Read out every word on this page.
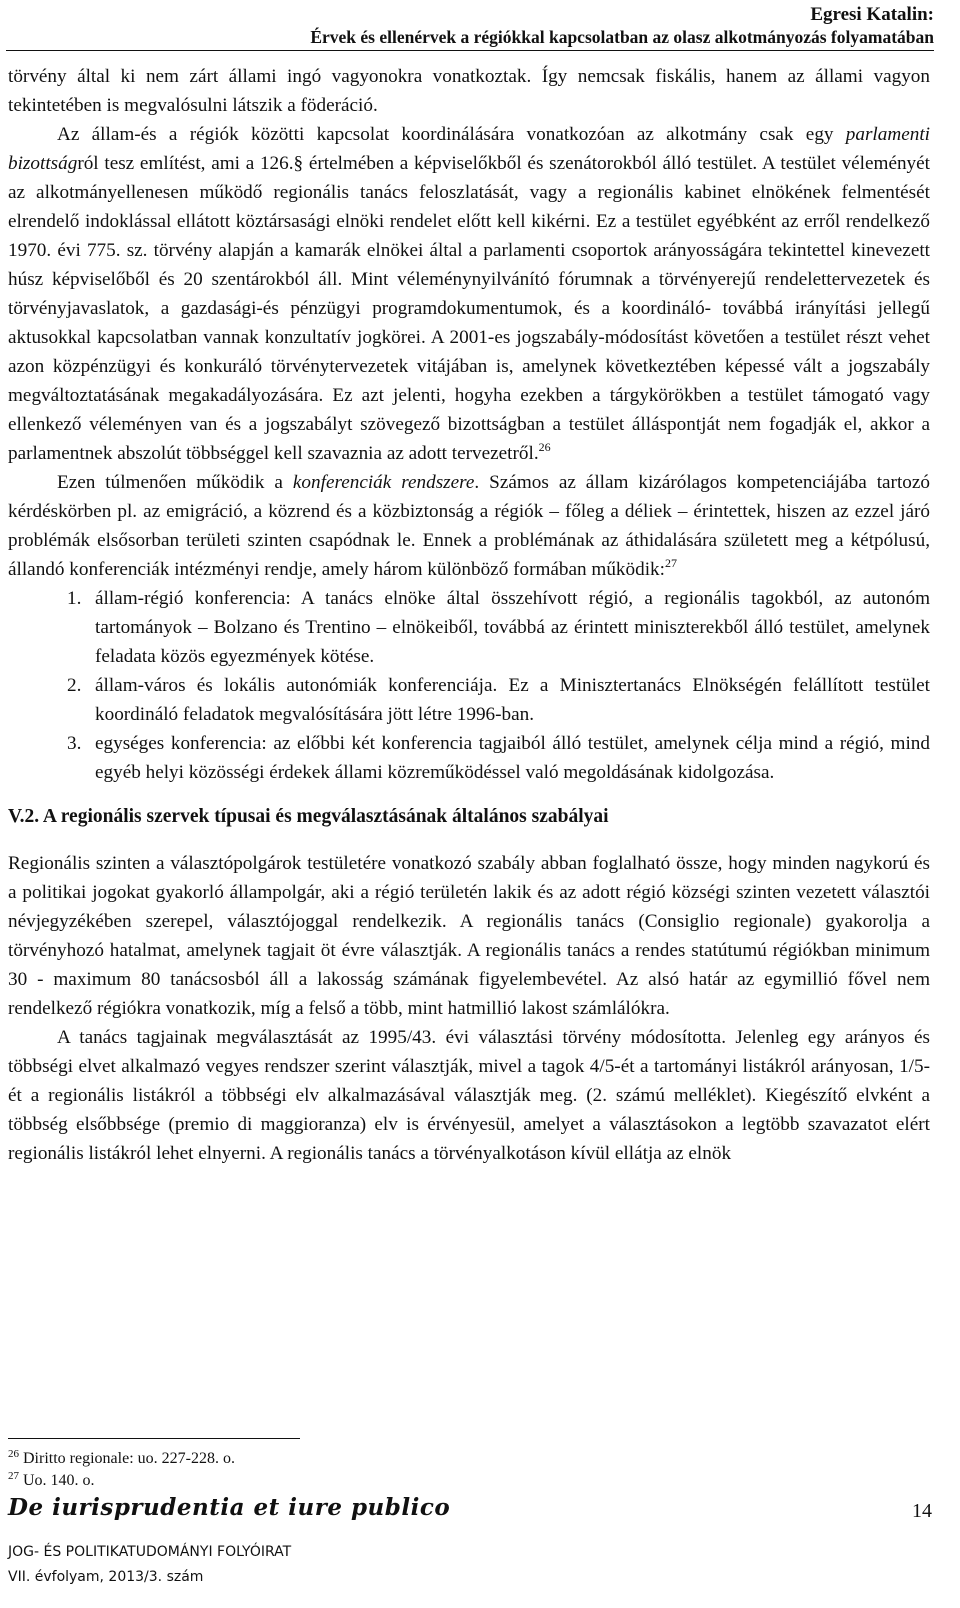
Egresi Katalin:
Érvek és ellenérvek a régiókkal kapcsolatban az olasz alkotmányozás folyamatában

törvény által ki nem zárt állami ingó vagyonokra vonatkoztak. Így nemcsak fiskális, hanem az állami vagyon tekintetében is megvalósulni látszik a föderáció.

Az állam-és a régiók közötti kapcsolat koordinálására vonatkozóan az alkotmány csak egy parlamenti bizottságról tesz említést, ami a 126.§ értelmében a képviselőkből és szenátorokból álló testület. A testület véleményét az alkotmányellenesen működő regionális tanács feloszlatását, vagy a regionális kabinet elnökének felmentését elrendelő indoklással ellátott köztársasági elnöki rendelet előtt kell kikérni. Ez a testület egyébként az erről rendelkező 1970. évi 775. sz. törvény alapján a kamarák elnökei által a parlamenti csoportok arányosságára tekintettel kinevezett húsz képviselőből és 20 szentárokból áll. Mint véleménynyilvánító fórumnak a törvényerejű rendelettervezetek és törvényjavaslatok, a gazdasági-és pénzügyi programdokumentumok, és a koordináló- továbbá irányítási jellegű aktusokkal kapcsolatban vannak konzultatív jogkörei. A 2001-es jogszabály-módosítást követően a testület részt vehet azon közpénzügyi és konkuráló törvénytervezetek vitájában is, amelynek következtében képessé vált a jogszabály megváltoztatásának megakadályozására. Ez azt jelenti, hogyha ezekben a tárgykörökben a testület támogató vagy ellenkező véleményen van és a jogszabályt szövegező bizottságban a testület álláspontját nem fogadják el, akkor a parlamentnek abszolút többséggel kell szavaznia az adott tervezetről.$^{26}$

Ezen túlmenően működik a konferenciák rendszere. Számos az állam kizárólagos kompetenciájába tartozó kérdéskörben pl. az emigráció, a közrend és a közbiztonság a régiók – főleg a déliek – érintettek, hiszen az ezzel járó problémák elsősorban területi szinten csapódnak le. Ennek a problémának az áthidalására született meg a kétpólusú, állandó konferenciák intézményi rendje, amely három különböző formában működik:$^{27}$

1. állam-régió konferencia: A tanács elnöke által összehívott régió, a regionális tagokból, az autonóm tartományok – Bolzano és Trentino – elnökeiből, továbbá az érintett miniszterekből álló testület, amelynek feladata közös egyezmények kötése.
2. állam-város és lokális autonómiák konferenciája. Ez a Minisztertanács Elnökségén felállított testület koordináló feladatok megvalósítására jött létre 1996-ban.
3. egységes konferencia: az előbbi két konferencia tagjaiból álló testület, amelynek célja mind a régió, mind egyéb helyi közösségi érdekek állami közreműködéssel való megoldásának kidolgozása.
V.2. A regionális szervek típusai és megválasztásának általános szabályai

Regionális szinten a választópolgárok testületére vonatkozó szabály abban foglalható össze, hogy minden nagykorú és a politikai jogokat gyakorló állampolgár, aki a régió területén lakik és az adott régió községi szinten vezetett választói névjegyzékében szerepel, választójoggal rendelkezik. A regionális tanács (Consiglio regionale) gyakorolja a törvényhozó hatalmat, amelynek tagjait öt évre választják. A regionális tanács a rendes statútumú régiókban minimum 30 - maximum 80 tanácsosból áll a lakosság számának figyelembevétel. Az alsó határ az egymillió fővel nem rendelkező régiókra vonatkozik, míg a felső a több, mint hatmillió lakost számlálókra.

A tanács tagjainak megválasztását az 1995/43. évi választási törvény módosította. Jelenleg egy arányos és többségi elvet alkalmazó vegyes rendszer szerint választják, mivel a tagok 4/5-ét a tartományi listákról arányosan, 1/5-ét a regionális listákról a többségi elv alkalmazásával választják meg. (2. számú melléklet). Kiegészítő elvként a többség elsőbbsége (premio di maggioranza) elv is érvényesül, amelyet a választásokon a legtöbb szavazatot elért regionális listákról lehet elnyerni. A regionális tanács a törvényalkotáson kívül ellátja az elnök

$^{26}$ Diritto regionale: uo. 227-228. o.
$^{27}$ Uo. 140. o.
De iurisprudentia et iure publico	14
JOG- ÉS POLITIKATUDOMÁNYI FOLYÓIRAT
VII. évfolyam, 2013/3. szám
